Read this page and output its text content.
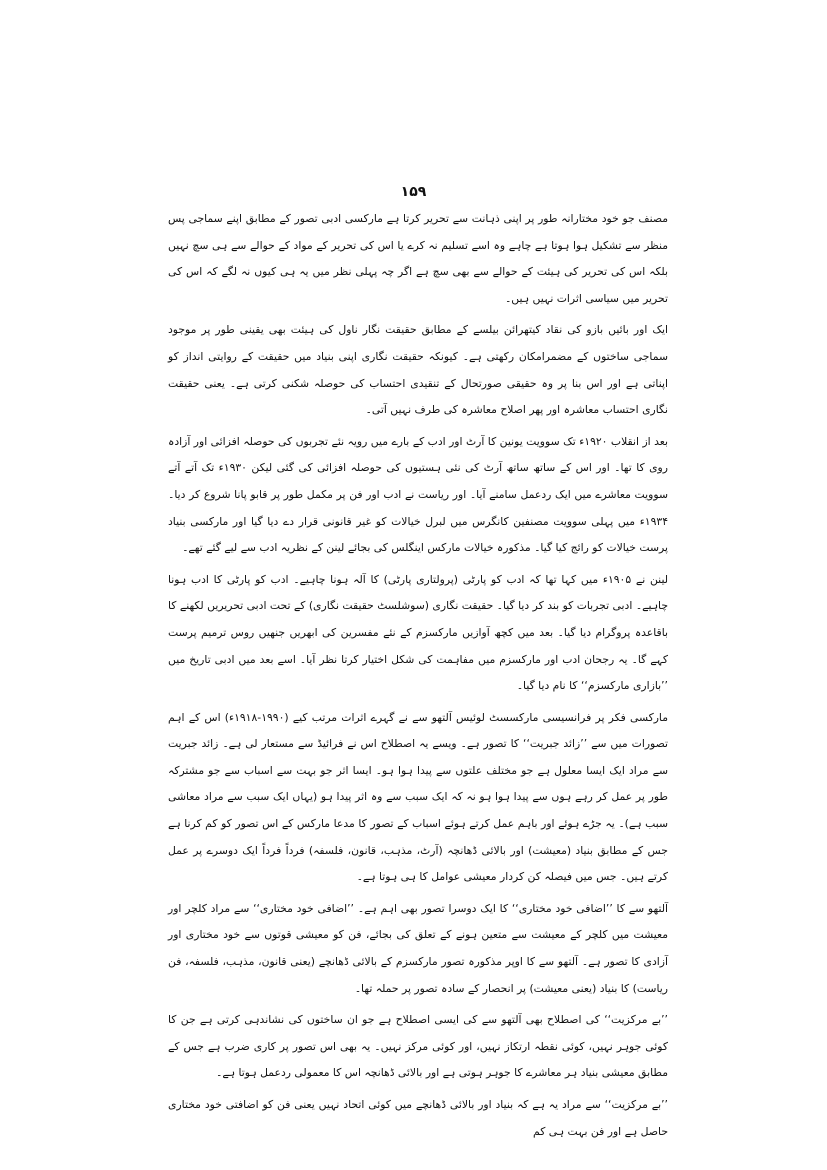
۱۵۹

مصنف جو خود مختارانہ طور پر اپنی ذہانت سے تحریر کرتا ہے مارکسی ادبی تصور کے مطابق اپنے سماجی پس منظر سے تشکیل ہوا ہوتا ہے چاہے وہ اسے تسلیم نہ کرے یا اس کی تحریر کے مواد کے حوالے سے ہی سچ نہیں بلکہ اس کی تحریر کی ہیئت کے حوالے سے بھی سچ ہے اگر چہ پہلی نظر میں یہ ہی کیوں نہ لگے کہ اس کی تحریر میں سیاسی اثرات نہیں ہیں۔

ایک اور بائیں بازو کی نقاد کیتھرائن بیلسے کے مطابق حقیقت نگار ناول کی ہیئت بھی یقینی طور پر موجود سماجی ساختوں کے مضمرامکان رکھتی ہے۔ کیونکہ حقیقت نگاری اپنی بنیاد میں حقیقت کے روایتی انداز کو اپناتی ہے اور اس بنا پر وہ حقیقی صورتحال کے تنقیدی احتساب کی حوصلہ شکنی کرتی ہے۔ یعنی حقیقت نگاری احتساب معاشرہ اور پھر اصلاح معاشرہ کی طرف نہیں آتی۔

بعد از انقلاب ۱۹۲۰ء تک سوویت یونین کا آرٹ اور ادب کے بارے میں رویہ نئے تجربوں کی حوصلہ افزائی اور آزادہ روی کا تھا۔ اور اس کے ساتھ ساتھ آرٹ کی نئی ہستیوں کی حوصلہ افزائی کی گئی لیکن ۱۹۳۰ء تک آتے آتے سوویت معاشرے میں ایک ردعمل سامنے آیا۔ اور ریاست نے ادب اور فن پر مکمل طور پر قابو پانا شروع کر دیا۔ ۱۹۳۴ء میں پہلی سوویت مصنفین کانگرس میں لبرل خیالات کو غیر قانونی قرار دے دیا گیا اور مارکسی بنیاد پرست خیالات کو رائج کیا گیا۔ مذکورہ خیالات مارکس اینگلس کی بجائے لینن کے نظریہ ادب سے لیے گئے تھے۔

لینن نے ۱۹۰۵ء میں کہا تھا کہ ادب کو پارٹی (پرولتاری پارٹی) کا آلہ ہونا چاہیے۔ ادب کو پارٹی کا ادب ہونا چاہیے۔ ادبی تجربات کو بند کر دیا گیا۔ حقیقت نگاری (سوشلسٹ حقیقت نگاری) کے تحت ادبی تحریریں لکھنے کا باقاعدہ پروگرام دیا گیا۔ بعد میں کچھ آوازیں مارکسزم کے نئے مفسرین کی ابھریں جنھیں روس ترمیم پرست کہے گا۔ یہ رجحان ادب اور مارکسزم میں مفاہمت کی شکل اختیار کرتا نظر آیا۔ اسے بعد میں ادبی تاریخ میں ’’بازاری مارکسزم‘‘ کا نام دیا گیا۔

مارکسی فکر پر فرانسیسی مارکسسٹ لوئیس آلتھو سے نے گہرے اثرات مرتب کیے (۱۹۹۰-۱۹۱۸ء) اس کے اہم تصورات میں سے ’’زائد جبریت‘‘ کا تصور ہے۔ ویسے یہ اصطلاح اس نے فرائیڈ سے مستعار لی ہے۔ زائد جبریت سے مراد ایک ایسا معلول ہے جو مختلف علتوں سے پیدا ہوا ہو۔ ایسا اثر جو بہت سے اسباب سے جو مشترکہ طور پر عمل کر رہے ہوں سے پیدا ہوا ہو نہ کہ ایک سبب سے وہ اثر پیدا ہو (یہاں ایک سبب سے مراد معاشی سبب ہے)۔ یہ جڑے ہوئے اور باہم عمل کرتے ہوئے اسباب کے تصور کا مدعا مارکس کے اس تصور کو کم کرنا ہے جس کے مطابق بنیاد (معیشت) اور بالائی ڈھانچہ (آرٹ، مذہب، قانون، فلسفہ) فرداً فرداً ایک دوسرے پر عمل کرتے ہیں۔ جس میں فیصلہ کن کردار معیشی عوامل کا ہی ہوتا ہے۔

آلتھو سے کا ’’اضافی خود مختاری‘‘ کا ایک دوسرا تصور بھی اہم ہے۔ ’’اضافی خود مختاری‘‘ سے مراد کلچر اور معیشت میں کلچر کے معیشت سے متعین ہونے کے تعلق کی بجائے، فن کو معیشی قوتوں سے خود مختاری اور آزادی کا تصور ہے۔ آلتھو سے کا اوپر مذکورہ تصور مارکسزم کے بالائی ڈھانچے (یعنی قانون، مذہب، فلسفہ، فن ریاست) کا بنیاد (یعنی معیشت) پر انحصار کے سادہ تصور پر حملہ تھا۔

’’بے مرکزیت‘‘ کی اصطلاح بھی آلتھو سے کی ایسی اصطلاح ہے جو ان ساختوں کی نشاندہی کرتی ہے جن کا کوئی جوہر نہیں، کوئی نقطہ ارتکاز نہیں، اور کوئی مرکز نہیں۔ یہ بھی اس تصور پر کاری ضرب ہے جس کے مطابق معیشی بنیاد ہر معاشرے کا جوہر ہوتی ہے اور بالائی ڈھانچہ اس کا معمولی ردعمل ہوتا ہے۔

’’بے مرکزیت‘‘ سے مراد یہ ہے کہ بنیاد اور بالائی ڈھانچے میں کوئی اتحاد نہیں یعنی فن کو اضافتی خود مختاری حاصل ہے اور فن بہت ہی کم
